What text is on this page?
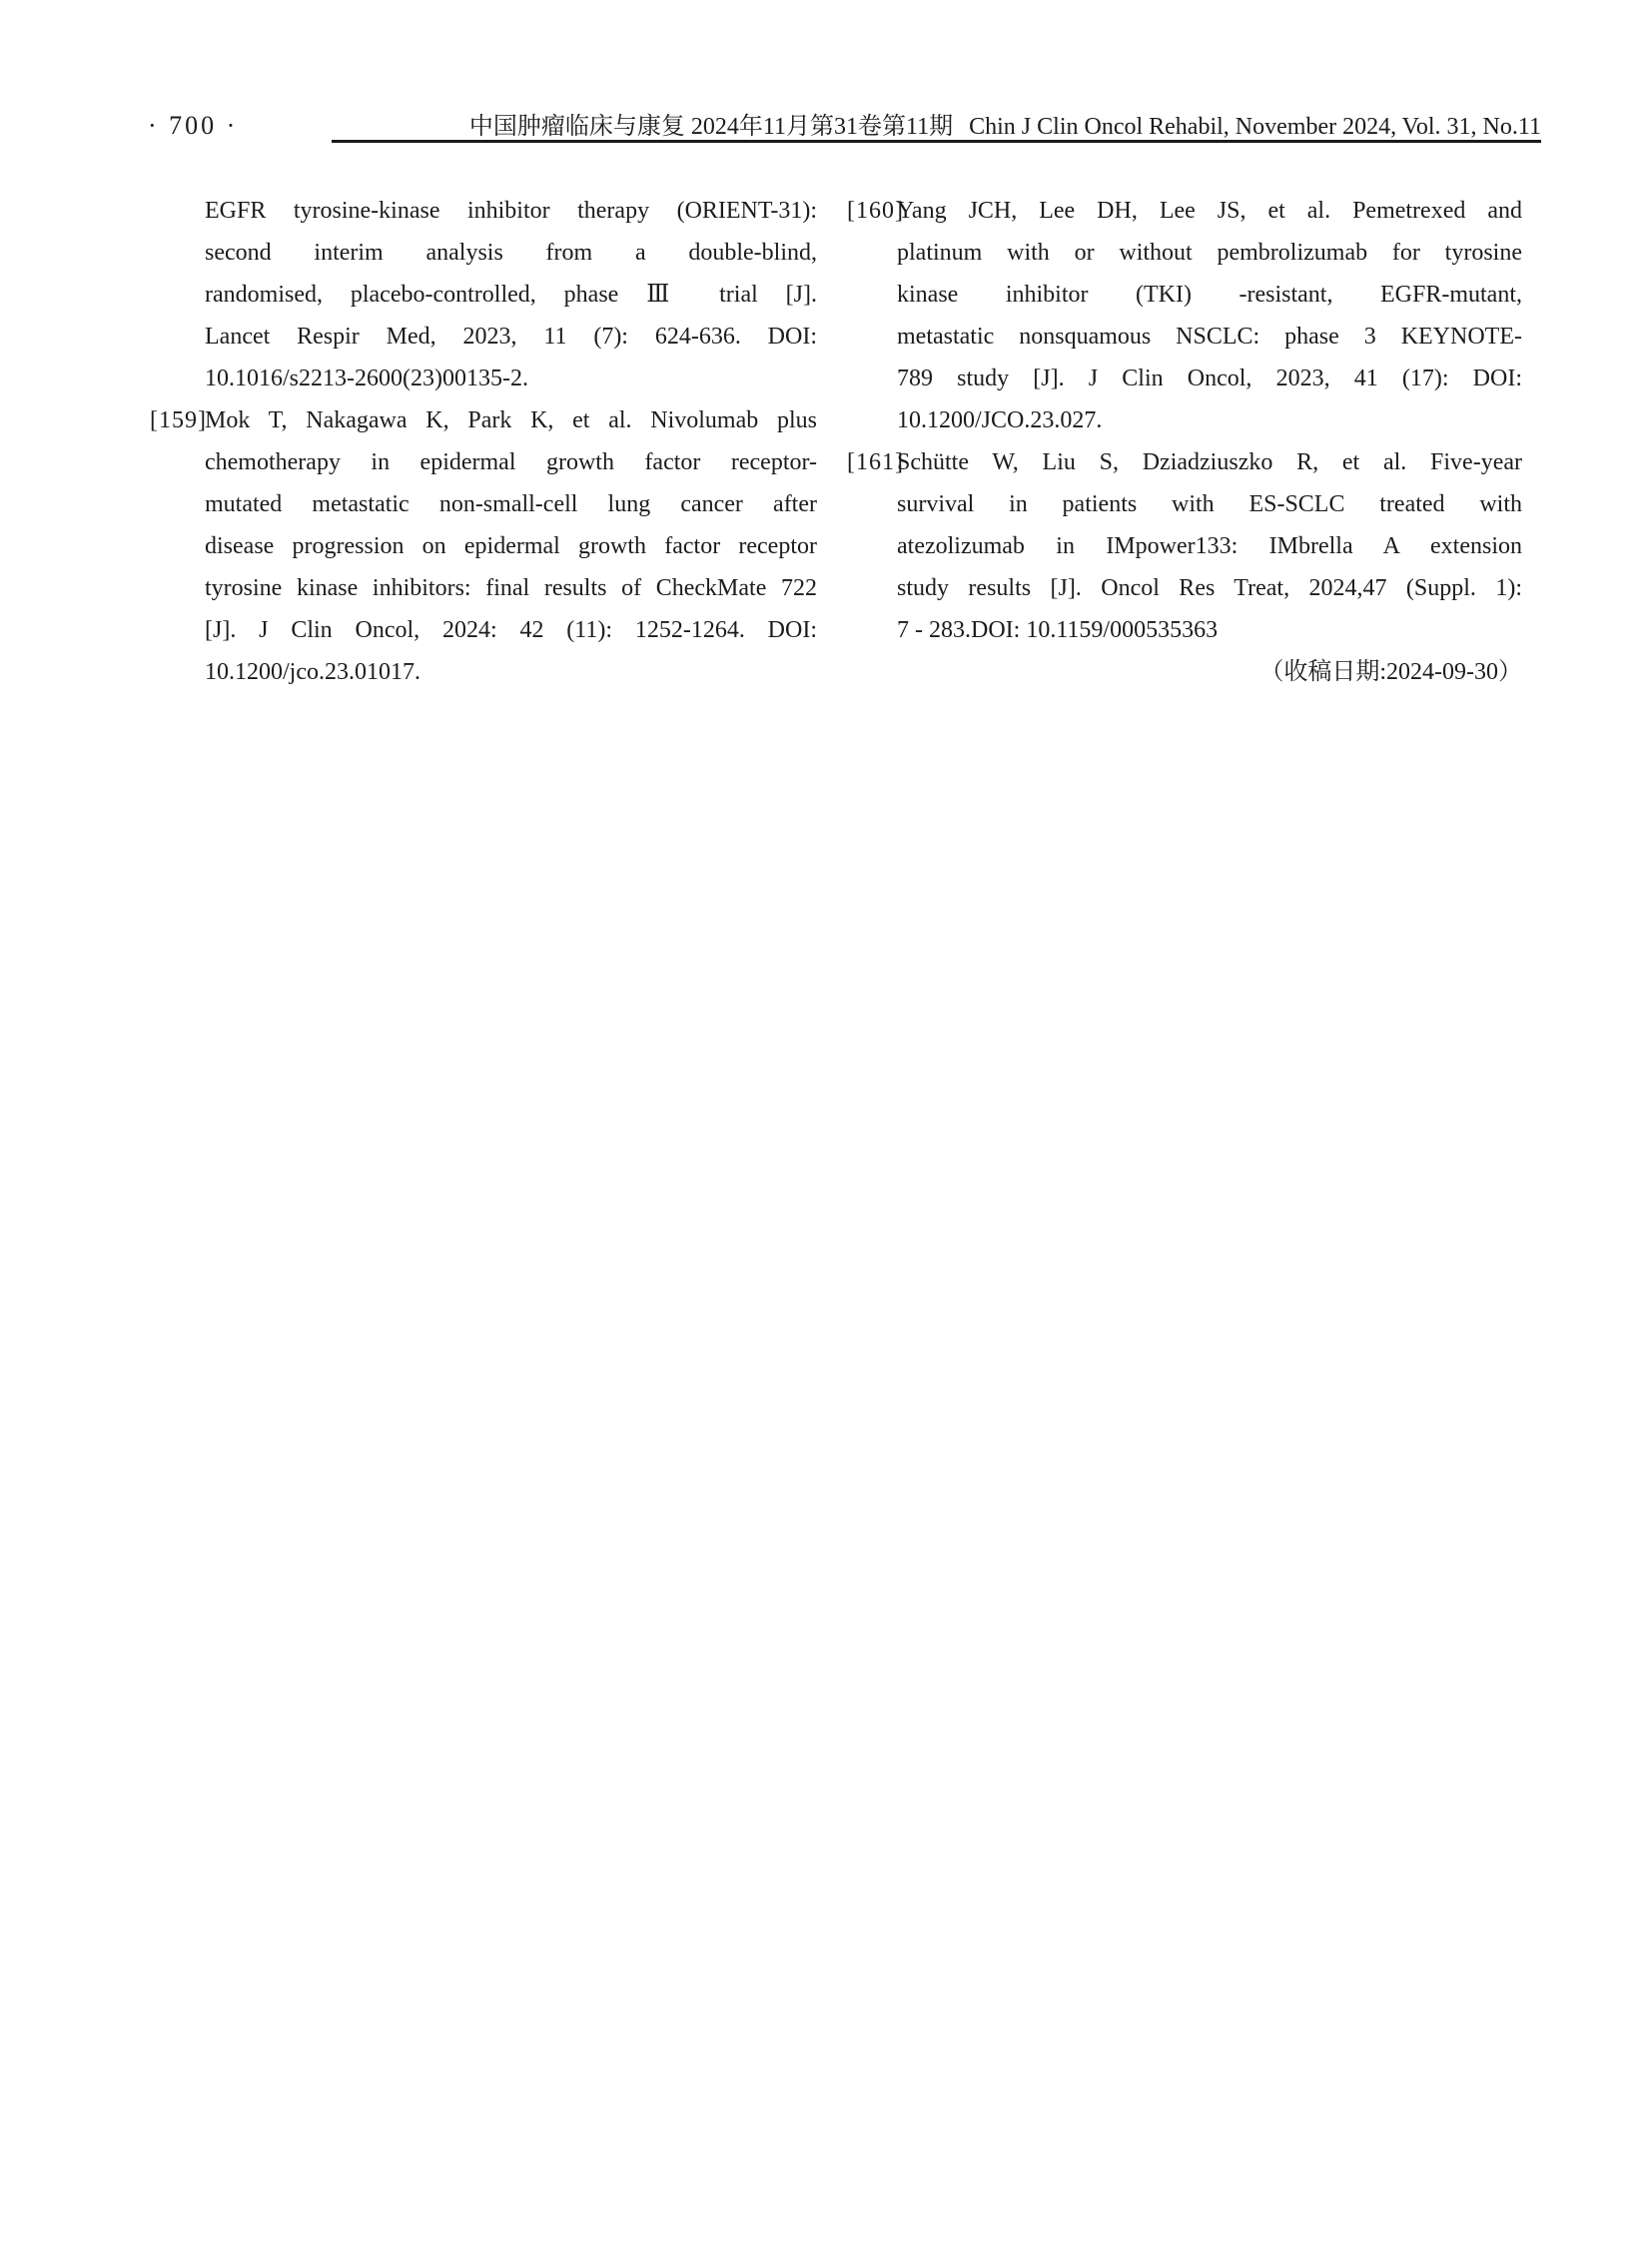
· 700 ·	中国肿瘤临床与康复 2024年11月第31卷第11期 Chin J Clin Oncol Rehabil, November 2024, Vol. 31, No.11
EGFR tyrosine-kinase inhibitor therapy (ORIENT-31):
second interim analysis from a double-blind,
randomised, placebo-controlled, phase Ⅲ trial [J].
Lancet Respir Med, 2023, 11 (7): 624-636. DOI:
10.1016/s2213-2600(23)00135-2.
[159]
Mok T, Nakagawa K, Park K, et al. Nivolumab plus
chemotherapy in epidermal growth factor receptor-
mutated metastatic non-small-cell lung cancer after
disease progression on epidermal growth factor receptor
tyrosine kinase inhibitors: final results of CheckMate 722
[J]. J Clin Oncol, 2024: 42 (11): 1252-1264. DOI:
10.1200/jco.23.01017.
[160]
Yang JCH, Lee DH, Lee JS, et al. Pemetrexed and
platinum with or without pembrolizumab for tyrosine
kinase inhibitor (TKI) -resistant, EGFR-mutant,
metastatic nonsquamous NSCLC: phase 3 KEYNOTE-
789 study [J]. J Clin Oncol, 2023, 41 (17): DOI:
10.1200/JCO.23.027.
[161]
Schütte W, Liu S, Dziadziuszko R, et al. Five-year
survival in patients with ES-SCLC treated with
atezolizumab in IMpower133: IMbrella A extension
study results [J]. Oncol Res Treat, 2024,47 (Suppl. 1):
7 - 283.DOI: 10.1159/000535363
（收稿日期:2024-09-30）
